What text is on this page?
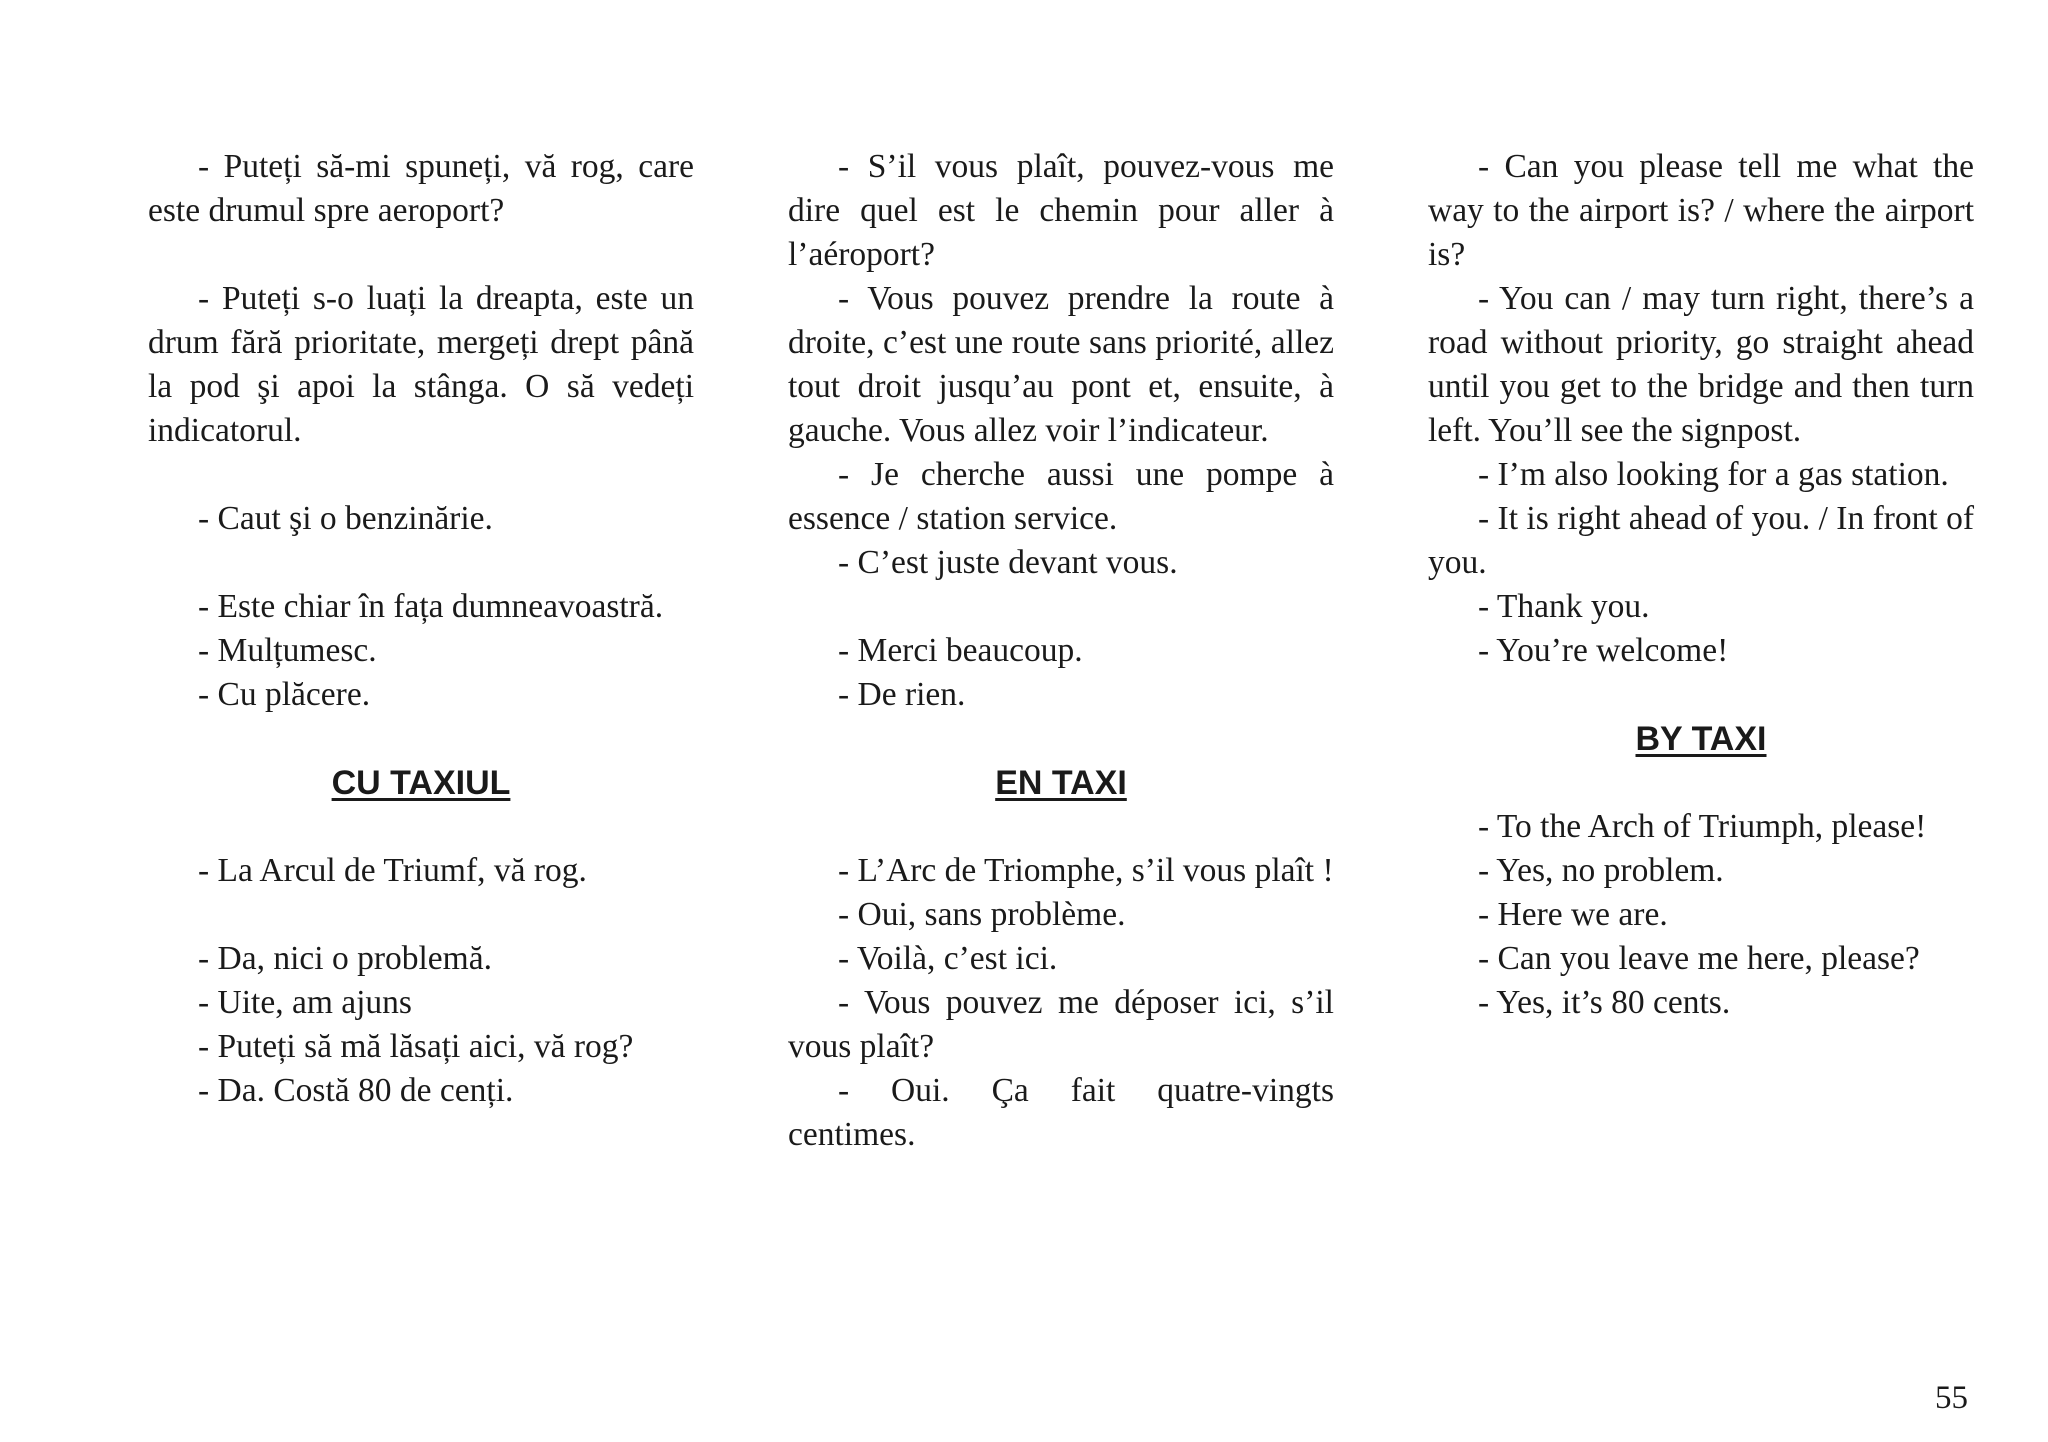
- Puteți să-mi spuneți, vă rog, care este drumul spre aeroport?

- Puteți s-o luați la dreapta, este un drum fără prioritate, mergeți drept până la pod şi apoi la stânga. O să vedeți indicatorul.

- Caut şi o benzinărie.

- Este chiar în fața dumneavoastră.

- Mulțumesc.

- Cu plăcere.

CU TAXIUL

- La Arcul de Triumf, vă rog.

- Da, nici o problemă.

- Uite, am ajuns

- Puteți să mă lăsați aici, vă rog?

- Da. Costă 80 de cenți.

- S’il vous plaît, pouvez-vous me dire quel est le chemin pour aller à l’aéroport?

- Vous pouvez prendre la route à droite, c’est une route sans priorité, allez tout droit jusqu’au pont et, ensuite, à gauche. Vous allez voir l’indicateur.

- Je cherche aussi une pompe à essence / station service.

- C’est juste devant vous.

- Merci beaucoup.

- De rien.

EN TAXI

- L’Arc de Triomphe, s’il vous plaît !

- Oui, sans problème.

- Voilà, c’est ici.

- Vous pouvez me déposer ici, s’il vous plaît?

- Oui. Ça fait quatre-vingts centimes.

- Can you please tell me what the way to the airport is? / where the airport is?

- You can / may turn right, there’s a road without priority, go straight ahead until you get to the bridge and then turn left. You’ll see the signpost.

- I’m also looking for a gas station.

- It is right ahead of you. / In front of you.

- Thank you.

- You’re welcome!

BY TAXI

- To the Arch of Triumph, please!

- Yes, no problem.

- Here we are.

- Can you leave me here, please?

- Yes, it’s 80 cents.

55
